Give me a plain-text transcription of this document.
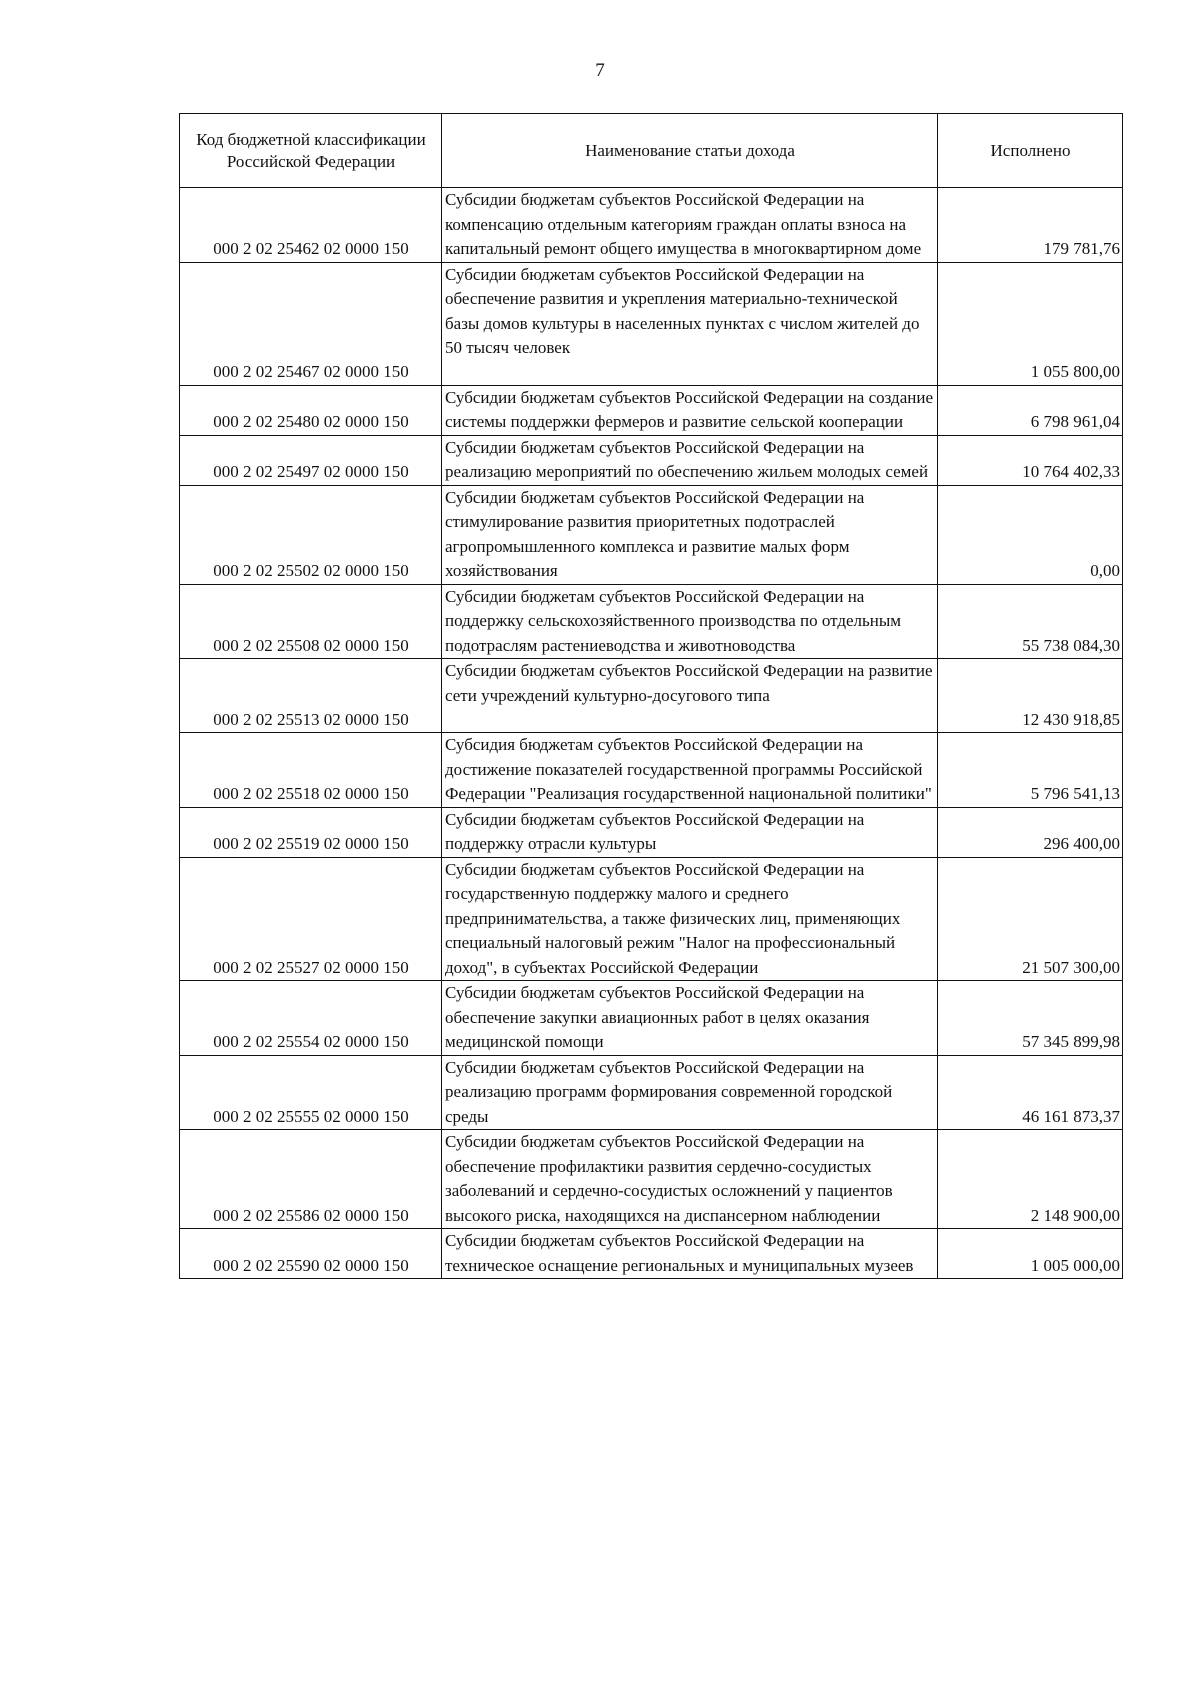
7
Код бюджетной классификации Российской Федерации	Наименование статьи дохода	Исполнено
000 2 02 25462 02 0000 150	Субсидии бюджетам субъектов Российской Федерации на компенсацию отдельным категориям граждан оплаты взноса на капитальный ремонт общего имущества в многоквартирном доме	179 781,76
000 2 02 25467 02 0000 150	Субсидии бюджетам субъектов Российской Федерации на обеспечение развития и укрепления материально-технической базы домов культуры в населенных пунктах с числом жителей до 50 тысяч человек	1 055 800,00
000 2 02 25480 02 0000 150	Субсидии бюджетам субъектов Российской Федерации на создание системы поддержки фермеров и развитие сельской кооперации	6 798 961,04
000 2 02 25497 02 0000 150	Субсидии бюджетам субъектов Российской Федерации на реализацию мероприятий по обеспечению жильем молодых семей	10 764 402,33
000 2 02 25502 02 0000 150	Субсидии бюджетам субъектов Российской Федерации на стимулирование развития приоритетных подотраслей агропромышленного комплекса и развитие малых форм хозяйствования	0,00
000 2 02 25508 02 0000 150	Субсидии бюджетам субъектов Российской Федерации на поддержку сельскохозяйственного производства по отдельным подотраслям растениеводства и животноводства	55 738 084,30
000 2 02 25513 02 0000 150	Субсидии бюджетам субъектов Российской Федерации на развитие сети учреждений культурно-досугового типа	12 430 918,85
000 2 02 25518 02 0000 150	Субсидия бюджетам субъектов Российской Федерации на достижение показателей государственной программы Российской Федерации "Реализация государственной национальной политики"	5 796 541,13
000 2 02 25519 02 0000 150	Субсидии бюджетам субъектов Российской Федерации на поддержку отрасли культуры	296 400,00
000 2 02 25527 02 0000 150	Субсидии бюджетам субъектов Российской Федерации на государственную поддержку малого и среднего предпринимательства, а также физических лиц, применяющих специальный налоговый режим "Налог на профессиональный доход", в субъектах Российской Федерации	21 507 300,00
000 2 02 25554 02 0000 150	Субсидии бюджетам субъектов Российской Федерации на обеспечение закупки авиационных работ в целях оказания медицинской помощи	57 345 899,98
000 2 02 25555 02 0000 150	Субсидии бюджетам субъектов Российской Федерации на реализацию программ формирования современной городской среды	46 161 873,37
000 2 02 25586 02 0000 150	Субсидии бюджетам субъектов Российской Федерации на обеспечение профилактики развития сердечно-сосудистых заболеваний и сердечно-сосудистых осложнений у пациентов высокого риска, находящихся на диспансерном наблюдении	2 148 900,00
000 2 02 25590 02 0000 150	Субсидии бюджетам субъектов Российской Федерации на техническое оснащение региональных и муниципальных музеев	1 005 000,00
